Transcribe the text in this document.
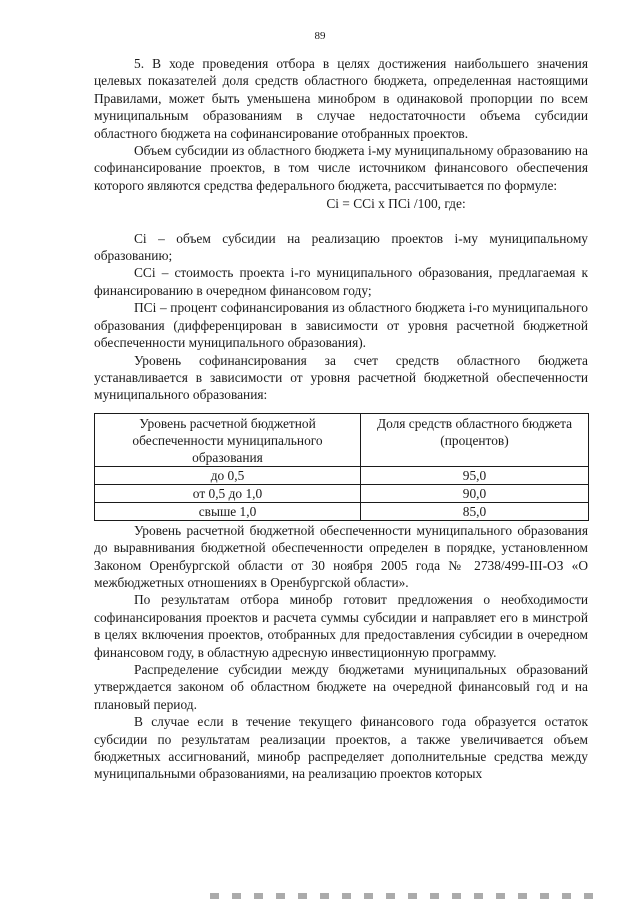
89

5. В ходе проведения отбора в целях достижения наибольшего значения целевых показателей доля средств областного бюджета, определенная настоящими Правилами, может быть уменьшена минобром в одинаковой пропорции по всем муниципальным образованиям в случае недостаточности объема субсидии областного бюджета на софинансирование отобранных проектов.

Объем субсидии из областного бюджета i-му муниципальному образованию на софинансирование проектов, в том числе источником финансового обеспечения которого являются средства федерального бюджета, рассчитывается по формуле:

Ci = CCi x ПCi /100, где:

Ci – объем субсидии на реализацию проектов i-му муниципальному образованию;

CCi – стоимость проекта i-го муниципального образования, предлагаемая к финансированию в очередном финансовом году;

ПCi – процент софинансирования из областного бюджета i-го муниципального образования (дифференцирован в зависимости от уровня расчетной бюджетной обеспеченности муниципального образования).

Уровень софинансирования за счет средств областного бюджета устанавливается в зависимости от уровня расчетной бюджетной обеспеченности муниципального образования:

Уровень расчетной бюджетной обеспеченности муниципального образования	Доля средств областного бюджета (процентов)
до 0,5	95,0
от 0,5 до 1,0	90,0
свыше 1,0	85,0

Уровень расчетной бюджетной обеспеченности муниципального образования до выравнивания бюджетной обеспеченности определен в порядке, установленном Законом Оренбургской области от 30 ноября 2005 года № 2738/499-III-ОЗ «О межбюджетных отношениях в Оренбургской области».

По результатам отбора минобр готовит предложения о необходимости софинансирования проектов и расчета суммы субсидии и направляет его в минстрой в целях включения проектов, отобранных для предоставления субсидии в очередном финансовом году, в областную адресную инвестиционную программу.

Распределение субсидии между бюджетами муниципальных образований утверждается законом об областном бюджете на очередной финансовый год и на плановый период.

В случае если в течение текущего финансового года образуется остаток субсидии по результатам реализации проектов, а также увеличивается объем бюджетных ассигнований, минобр распределяет дополнительные средства между муниципальными образованиями, на реализацию проектов которых
